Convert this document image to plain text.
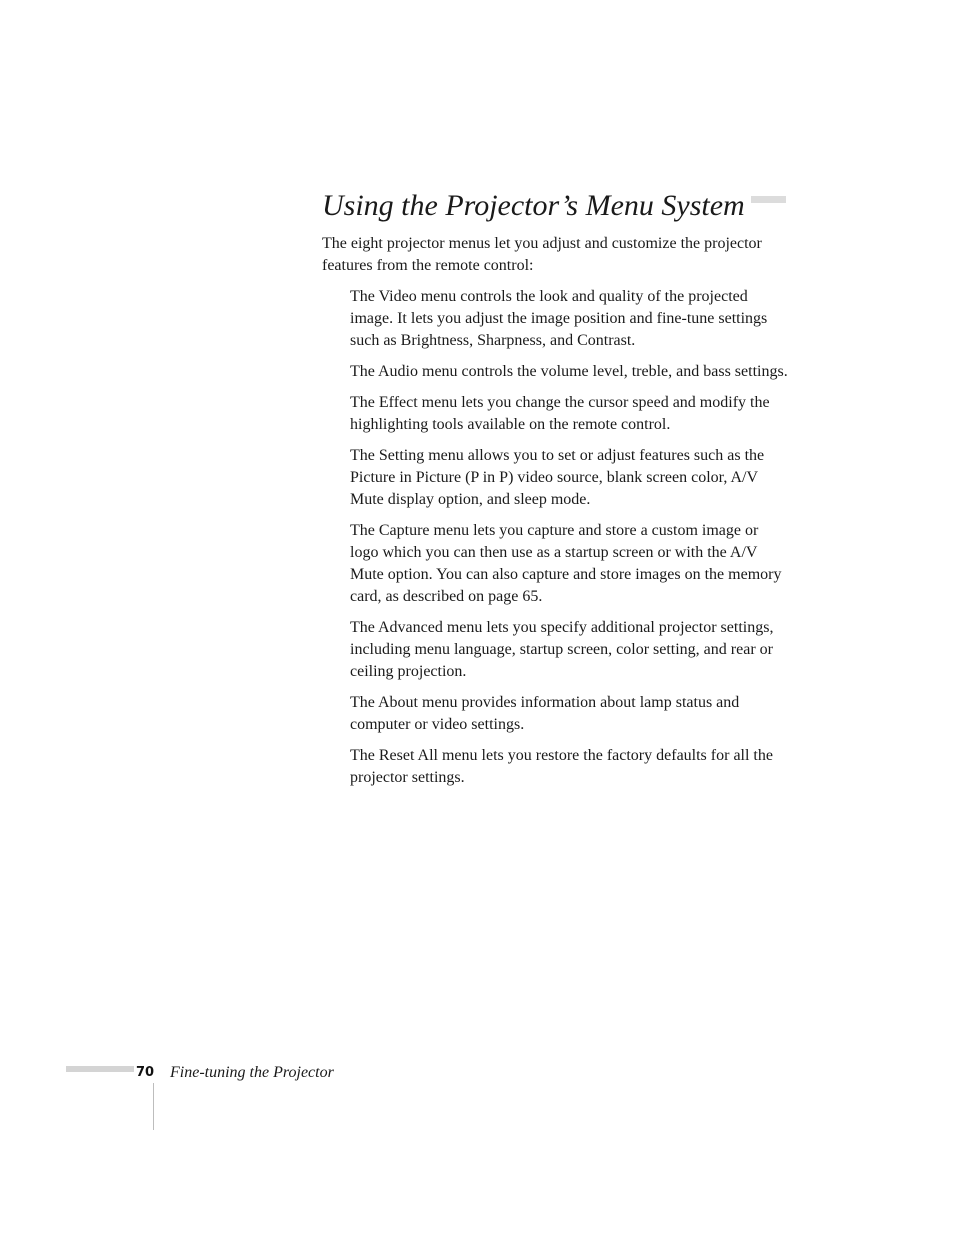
Using the Projector’s Menu System

The eight projector menus let you adjust and customize the projector features from the remote control:

The Video menu controls the look and quality of the projected image. It lets you adjust the image position and fine-tune settings such as Brightness, Sharpness, and Contrast.
The Audio menu controls the volume level, treble, and bass settings.
The Effect menu lets you change the cursor speed and modify the highlighting tools available on the remote control.
The Setting menu allows you to set or adjust features such as the Picture in Picture (P in P) video source, blank screen color, A/V Mute display option, and sleep mode.
The Capture menu lets you capture and store a custom image or logo which you can then use as a startup screen or with the A/V Mute option. You can also capture and store images on the memory card, as described on page 65.
The Advanced menu lets you specify additional projector settings, including menu language, startup screen, color setting, and rear or ceiling projection.
The About menu provides information about lamp status and computer or video settings.
The Reset All menu lets you restore the factory defaults for all the projector settings.
70 Fine-tuning the Projector
